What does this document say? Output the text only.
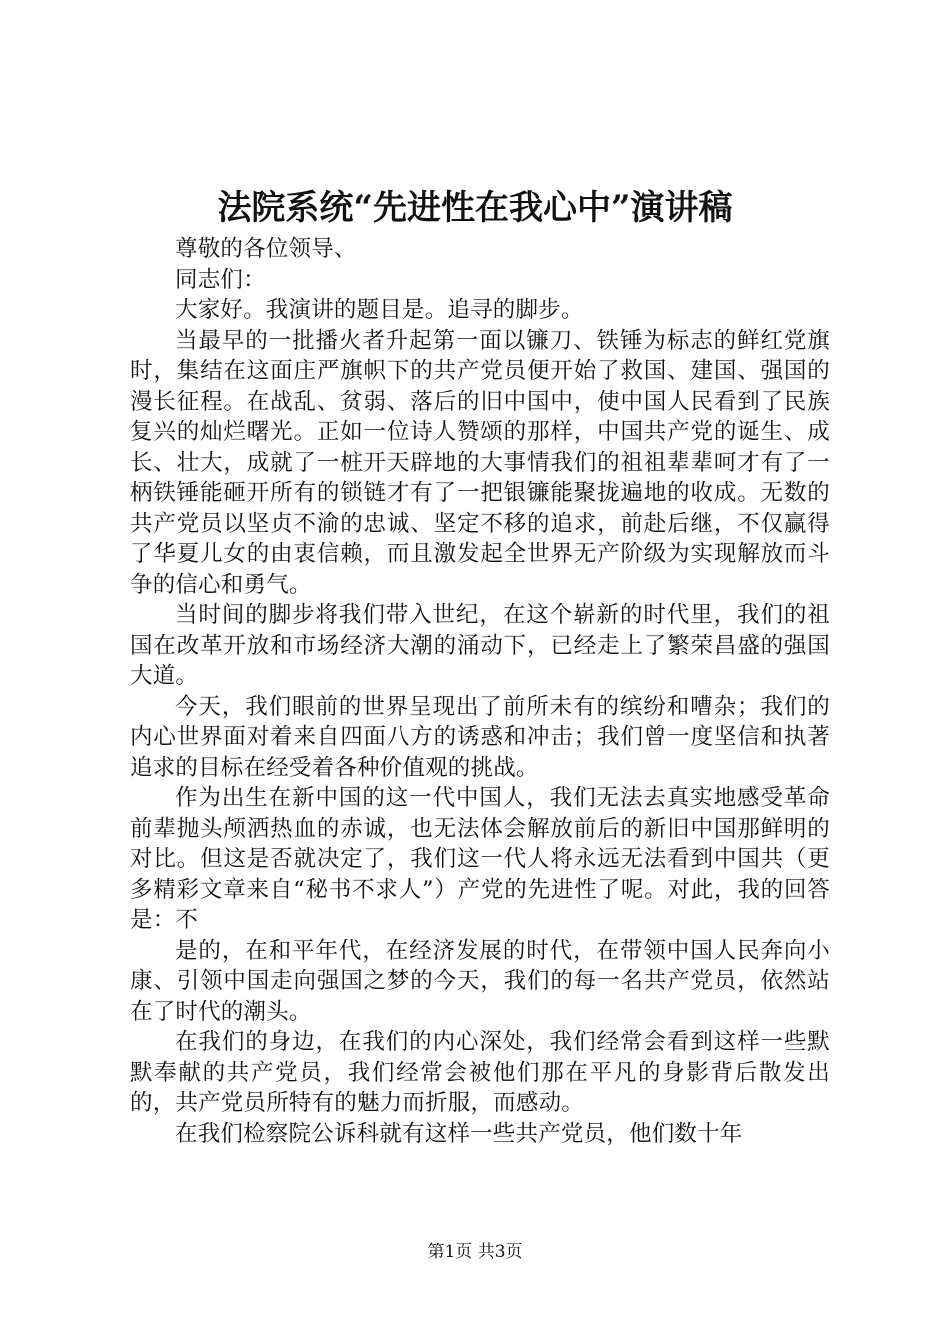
法院系统“先进性在我心中”演讲稿

尊敬的各位领导、

同志们：

大家好。我演讲的题目是。追寻的脚步。

当最早的一批播火者升起第一面以镰刀、铁锤为标志的鲜红党旗时，集结在这面庄严旗帜下的共产党员便开始了救国、建国、强国的漫长征程。在战乱、贫弱、落后的旧中国中，使中国人民看到了民族复兴的灿烂曙光。正如一位诗人赞颂的那样，中国共产党的诞生、成长、壮大，成就了一桩开天辟地的大事情我们的祖祖辈辈呵才有了一柄铁锤能砸开所有的锁链才有了一把银镰能聚拢遍地的收成。无数的共产党员以坚贞不渝的忠诚、坚定不移的追求，前赴后继，不仅赢得了华夏儿女的由衷信赖，而且激发起全世界无产阶级为实现解放而斗争的信心和勇气。

当时间的脚步将我们带入世纪，在这个崭新的时代里，我们的祖国在改革开放和市场经济大潮的涌动下，已经走上了繁荣昌盛的强国大道。

今天，我们眼前的世界呈现出了前所未有的缤纷和嘈杂；我们的内心世界面对着来自四面八方的诱惑和冲击；我们曾一度坚信和执著追求的目标在经受着各种价值观的挑战。

作为出生在新中国的这一代中国人，我们无法去真实地感受革命前辈抛头颅洒热血的赤诚，也无法体会解放前后的新旧中国那鲜明的对比。但这是否就决定了，我们这一代人将永远无法看到中国共（更多精彩文章来自“秘书不求人”）产党的先进性了呢。对此，我的回答是：不

是的，在和平年代，在经济发展的时代，在带领中国人民奔向小康、引领中国走向强国之梦的今天，我们的每一名共产党员，依然站在了时代的潮头。

在我们的身边，在我们的内心深处，我们经常会看到这样一些默默奉献的共产党员，我们经常会被他们那在平凡的身影背后散发出的，共产党员所特有的魅力而折服，而感动。

在我们检察院公诉科就有这样一些共产党员，他们数十年

第1页 共3页
